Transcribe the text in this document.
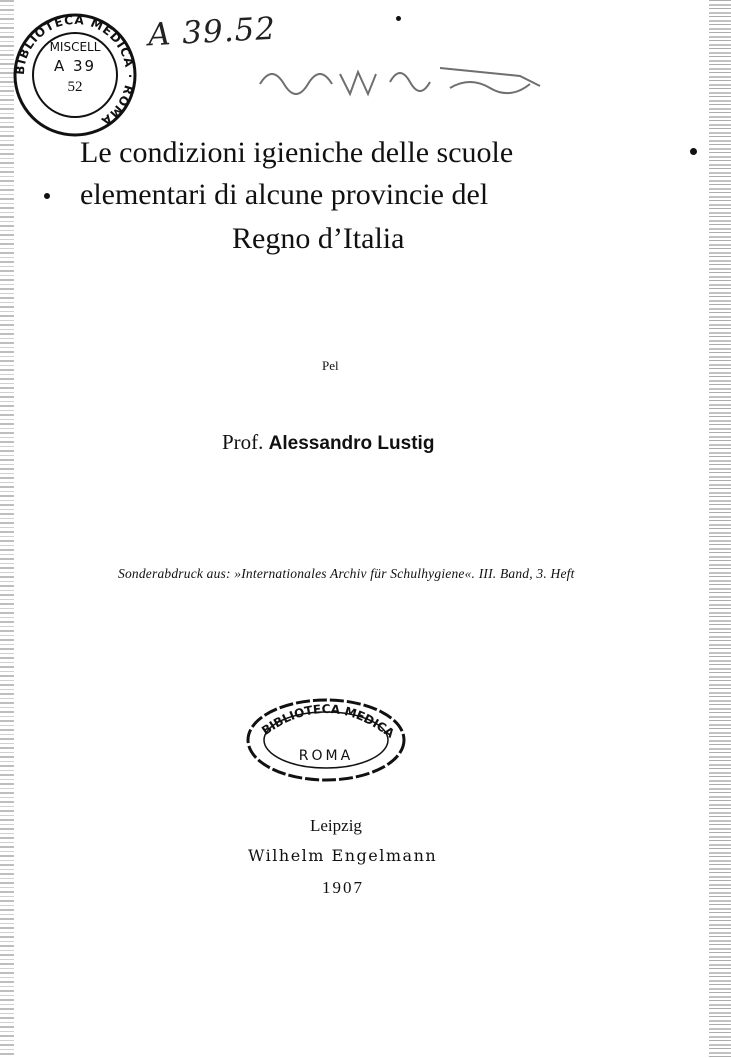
BIBLIOTECA MEDICA · ROMA
MISCELL
A 39
52
A 39.52
Le condizioni igieniche delle scuole
elementari di alcune provincie del
Regno d’Italia
Pel
Prof. Alessandro Lustig
Sonderabdruck aus: »Internationales Archiv für Schulhygiene«. III. Band, 3. Heft
BIBLIOTECA MEDICA
ROMA
Leipzig
Wilhelm Engelmann
1907
